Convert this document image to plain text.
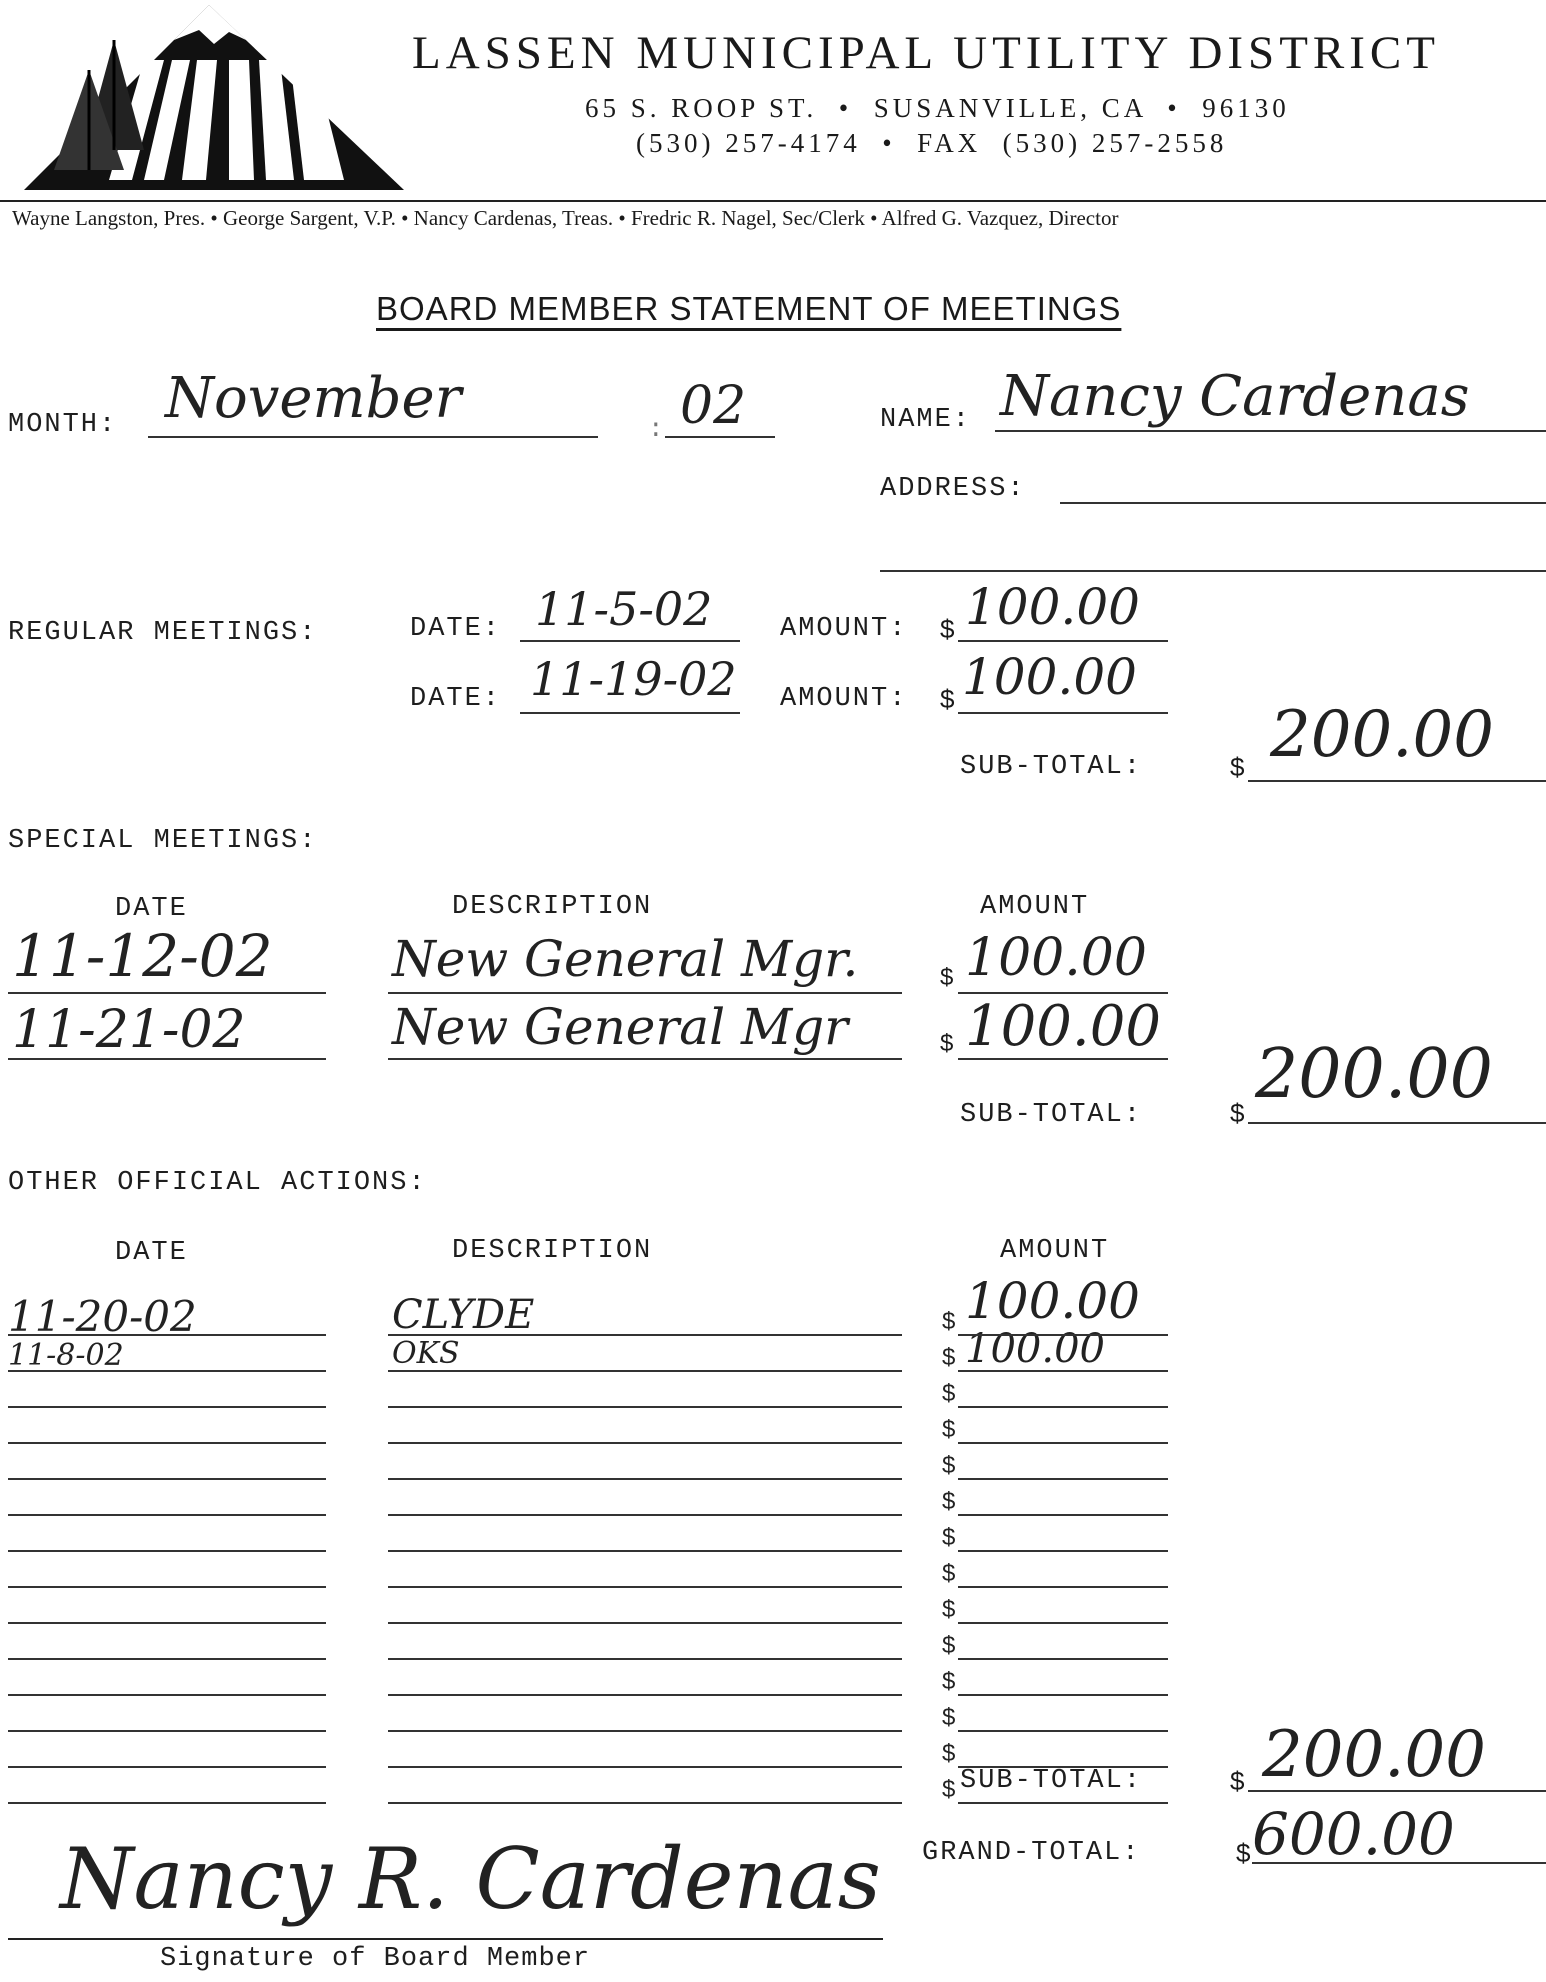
LASSEN MUNICIPAL UTILITY DISTRICT
65 S. ROOP ST.  •  SUSANVILLE, CA  •  96130
(530) 257-4174  •  FAX  (530) 257-2558
Wayne Langston, Pres. • George Sargent, V.P. • Nancy Cardenas, Treas. • Fredric R. Nagel, Sec/Clerk • Alfred G. Vazquez, Director
BOARD MEMBER STATEMENT OF MEETINGS
MONTH: November	: 02	NAME: Nancy Cardenas
ADDRESS:
REGULAR MEETINGS:	DATE: 11-5-02	AMOUNT: $ 100.00
DATE: 11-19-02 AMOUNT: $ 100.00
SUB-TOTAL:	$ 200.00
SPECIAL MEETINGS:
DATE	DESCRIPTION	AMOUNT
11-12-02 New General Mgr.	$ 100.00
11-21-02	New General Mgr	$ 100.00
SUB-TOTAL:	$ 200.00
OTHER OFFICIAL ACTIONS:
DATE	DESCRIPTION	AMOUNT
11-20-02	CLYDE	100.00
11-8-02	OKS	100.00
$
$
$
$
$
$
$
$
$
$
$
$
$
$ SUB-TOTAL:	$ 200.00
GRAND-TOTAL:	$ 600.00
Nancy R. Cardenas
Signature of Board Member
